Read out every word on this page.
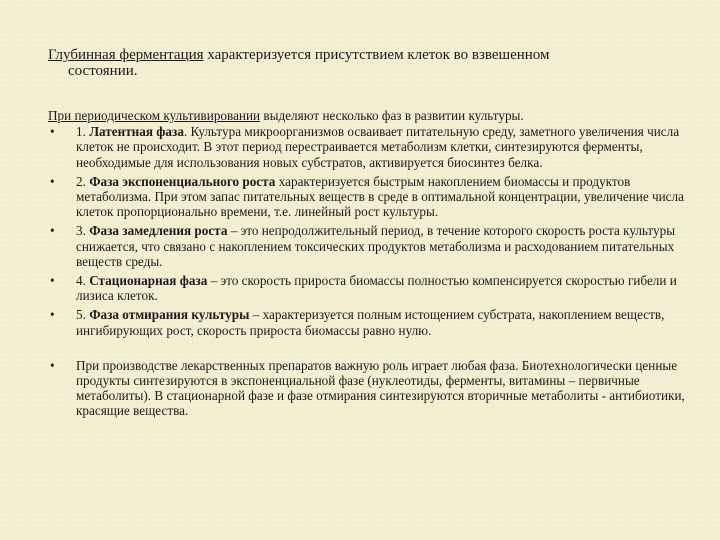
Глубинная ферментация характеризуется присутствием клеток во взвешенном
состоянии.

При периодическом культивировании выделяют несколько фаз в развитии культуры.

• 1. Латентная фаза. Культура микроорганизмов осваивает питательную среду, заметного увеличения числа клеток не происходит. В этот период перестраивается метаболизм клетки, синтезируются ферменты, необходимые для использования новых субстратов, активируется биосинтез белка.

• 2. Фаза экспоненциального роста характеризуется быстрым накоплением биомассы и продуктов метаболизма. При этом запас питательных веществ в среде в оптимальной концентрации, увеличение числа клеток пропорционально времени, т.е. линейный рост культуры.

• 3. Фаза замедления роста – это непродолжительный период, в течение которого скорость роста культуры снижается, что связано с накоплением токсических продуктов метаболизма и расходованием питательных веществ среды.

• 4. Стационарная фаза – это скорость прироста биомассы полностью компенсируется скоростью гибели и лизиса клеток.

• 5. Фаза отмирания культуры – характеризуется полным истощением субстрата, накоплением веществ, ингибирующих рост, скорость прироста биомассы равно нулю.

• При производстве лекарственных препаратов важную роль играет любая фаза. Биотехнологически ценные продукты синтезируются в экспоненциальной фазе (нуклеотиды, ферменты, витамины – первичные метаболиты). В стационарной фазе и фазе отмирания синтезируются вторичные метаболиты - антибиотики, красящие вещества.
